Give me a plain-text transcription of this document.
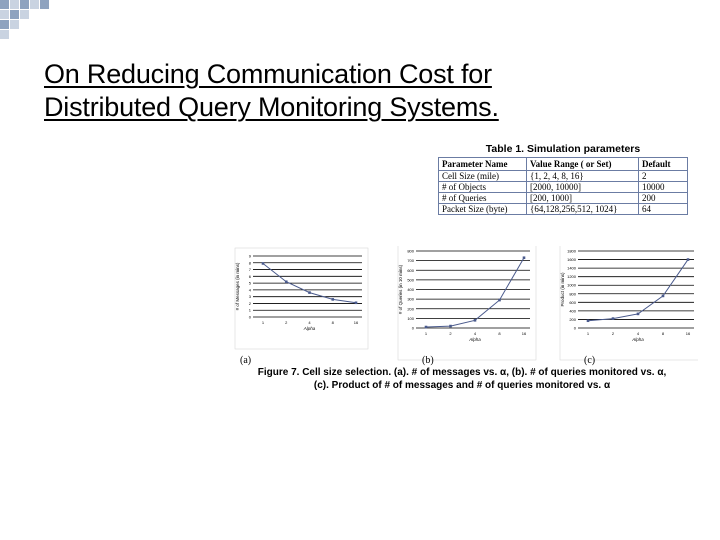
On Reducing Communication Cost for
Distributed Query Monitoring Systems.
Table 1. Simulation parameters
Parameter Name	Value Range ( or Set)	Default
Cell Size (mile)	{1, 2, 4, 8, 16}	2
# of Objects	[2000, 10000]	10000
# of Queries	[200, 1000]	200
Packet Size (byte)	{64,128,256,512, 1024}	64
0
1
2
3
4
5
6
7
8
9
1	2	4	8	16
Alpha
# of Messages (in mins)
(a)
0
100
200
300
400
500
600
700
800
1	2	4	8	16
Alpha
# of Queries (in 10 mins)
(b)
0
200
400
600
800
1000
1200
1400
1600
1800
1	2	4	8	16
Alpha
Product (in mins)
(c)
Figure 7. Cell size selection. (a). # of messages vs. α, (b). # of queries monitored vs. α,
(c). Product of # of messages and # of queries monitored vs. α
